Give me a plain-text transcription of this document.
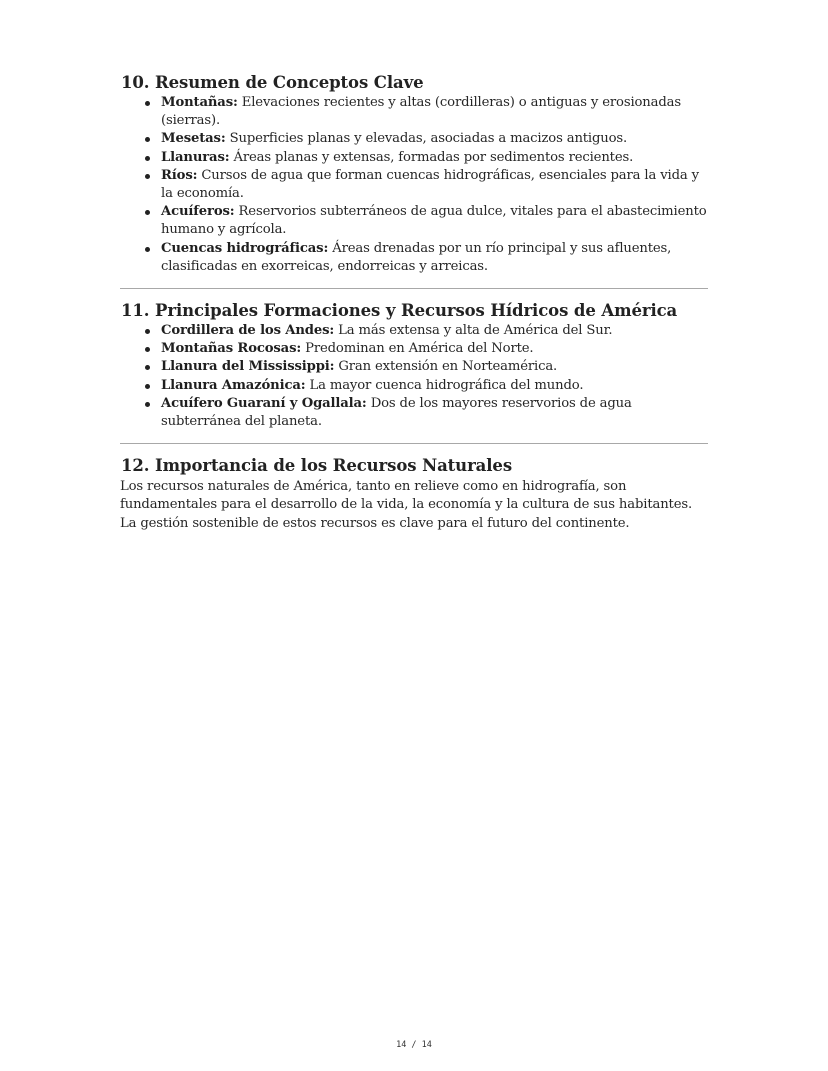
10. Resumen de Conceptos Clave
Montañas: Elevaciones recientes y altas (cordilleras) o antiguas y erosionadas (sierras).
Mesetas: Superficies planas y elevadas, asociadas a macizos antiguos.
Llanuras: Áreas planas y extensas, formadas por sedimentos recientes.
Ríos: Cursos de agua que forman cuencas hidrográficas, esenciales para la vida y la economía.
Acuíferos: Reservorios subterráneos de agua dulce, vitales para el abastecimiento humano y agrícola.
Cuencas hidrográficas: Áreas drenadas por un río principal y sus afluentes, clasificadas en exorreicas, endorreicas y arreicas.
11. Principales Formaciones y Recursos Hídricos de América
Cordillera de los Andes: La más extensa y alta de América del Sur.
Montañas Rocosas: Predominan en América del Norte.
Llanura del Mississippi: Gran extensión en Norteamérica.
Llanura Amazónica: La mayor cuenca hidrográfica del mundo.
Acuífero Guaraní y Ogallala: Dos de los mayores reservorios de agua subterránea del planeta.
12. Importancia de los Recursos Naturales

Los recursos naturales de América, tanto en relieve como en hidrografía, son fundamentales para el desarrollo de la vida, la economía y la cultura de sus habitantes. La gestión sostenible de estos recursos es clave para el futuro del continente.

14 / 14
